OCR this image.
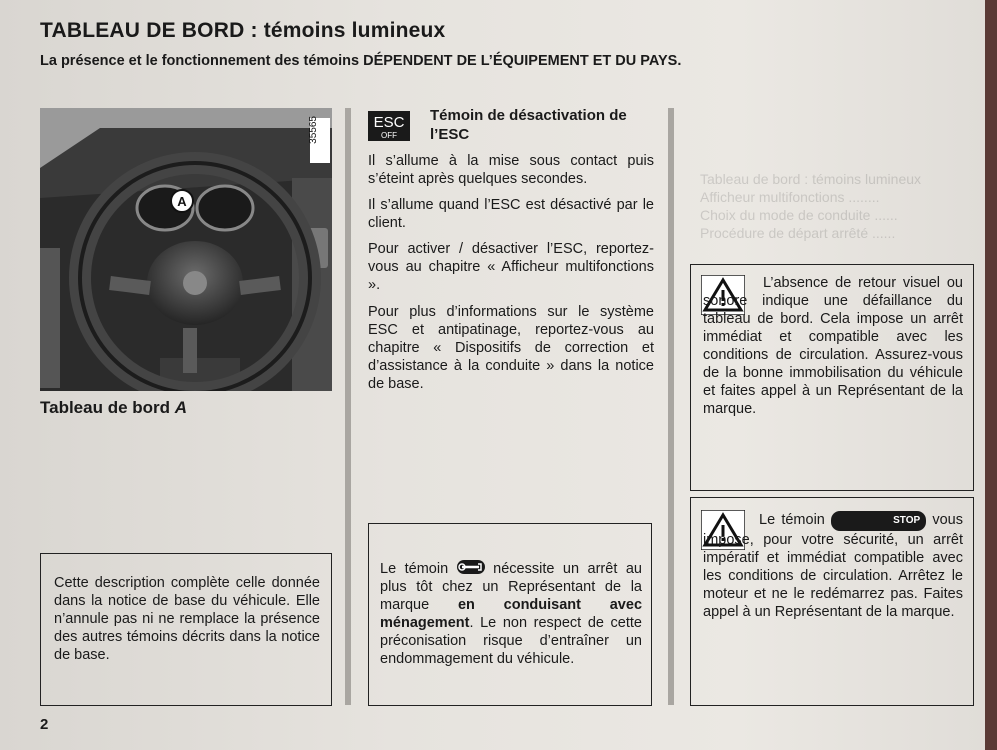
Tableau de bord : témoins lumineux
Afficheur multifonctions ........
Choix du mode de conduite ......
Procédure de départ arrêté ......
TABLEAU DE BORD : témoins lumineux
La présence et le fonctionnement des témoins DÉPENDENT DE L’ÉQUIPEMENT ET DU PAYS.
A
35565
Tableau de bord A
ESC
OFF
Témoin de désactivation de l’ESC
Il s’allume à la mise sous contact puis s’éteint après quelques secondes.
Il s’allume quand l’ESC est désactivé par le client.
Pour activer / désactiver l’ESC, reportez-vous au chapitre « Afficheur multifonctions ».
Pour plus d’informations sur le système ESC et antipatinage, reportez-vous au chapitre « Dispositifs de correction et d’assistance à la conduite » dans la notice de base.
Cette description complète celle donnée dans la notice de base du véhicule. Elle n’annule pas ni ne remplace la présence des autres témoins décrits dans la notice de base.
Le témoin	nécessite un arrêt au plus tôt chez un Représentant de la marque en conduisant avec ménagement. Le non respect de cette préconisation risque d’entraîner un endommagement du véhicule.
L’absence de retour visuel ou sonore indique une défaillance du tableau de bord. Cela impose un arrêt immédiat et compatible avec les conditions de circulation. Assurez-vous de la bonne immobilisation du véhicule et faites appel à un Représentant de la marque.
Le témoin	STOP vous impose, pour votre sécurité, un arrêt impératif et immédiat compatible avec les conditions de circulation. Arrêtez le moteur et ne le redémarrez pas. Faites appel à un Représentant de la marque.
2
